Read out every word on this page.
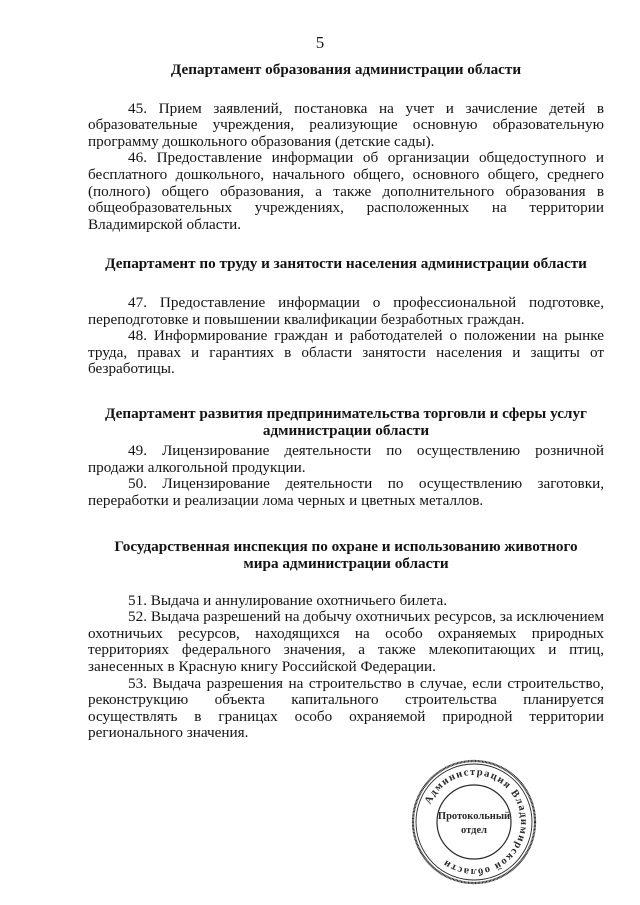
5

Департамент образования администрации области

45. Прием заявлений, постановка на учет и зачисление детей в образовательные учреждения, реализующие основную образовательную программу дошкольного образования (детские сады).

46. Предоставление информации об организации общедоступного и бесплатного дошкольного, начального общего, основного общего, среднего (полного) общего образования, а также дополнительного образования в общеобразовательных учреждениях, расположенных на территории Владимирской области.

Департамент по труду и занятости населения администрации области

47. Предоставление информации о профессиональной подготовке, переподготовке и повышении квалификации безработных граждан.

48. Информирование граждан и работодателей о положении на рынке труда, правах и гарантиях в области занятости населения и защиты от безработицы.

Департамент развития предпринимательства торговли и сферы услуг администрации области

49. Лицензирование деятельности по осуществлению розничной продажи алкогольной продукции.

50. Лицензирование деятельности по осуществлению заготовки, переработки и реализации лома черных и цветных металлов.

Государственная инспекция по охране и использованию животного мира администрации области

51. Выдача и аннулирование охотничьего билета.

52. Выдача разрешений на добычу охотничьих ресурсов, за исключением охотничьих ресурсов, находящихся на особо охраняемых природных территориях федерального значения, а также млекопитающих и птиц, занесенных в Красную книгу Российской Федерации.

53. Выдача разрешения на строительство в случае, если строительство, реконструкцию объекта капитального строительства планируется осуществлять в границах особо охраняемой природной территории регионального значения.

Администрация Владимирской области
Протокольный
отдел
